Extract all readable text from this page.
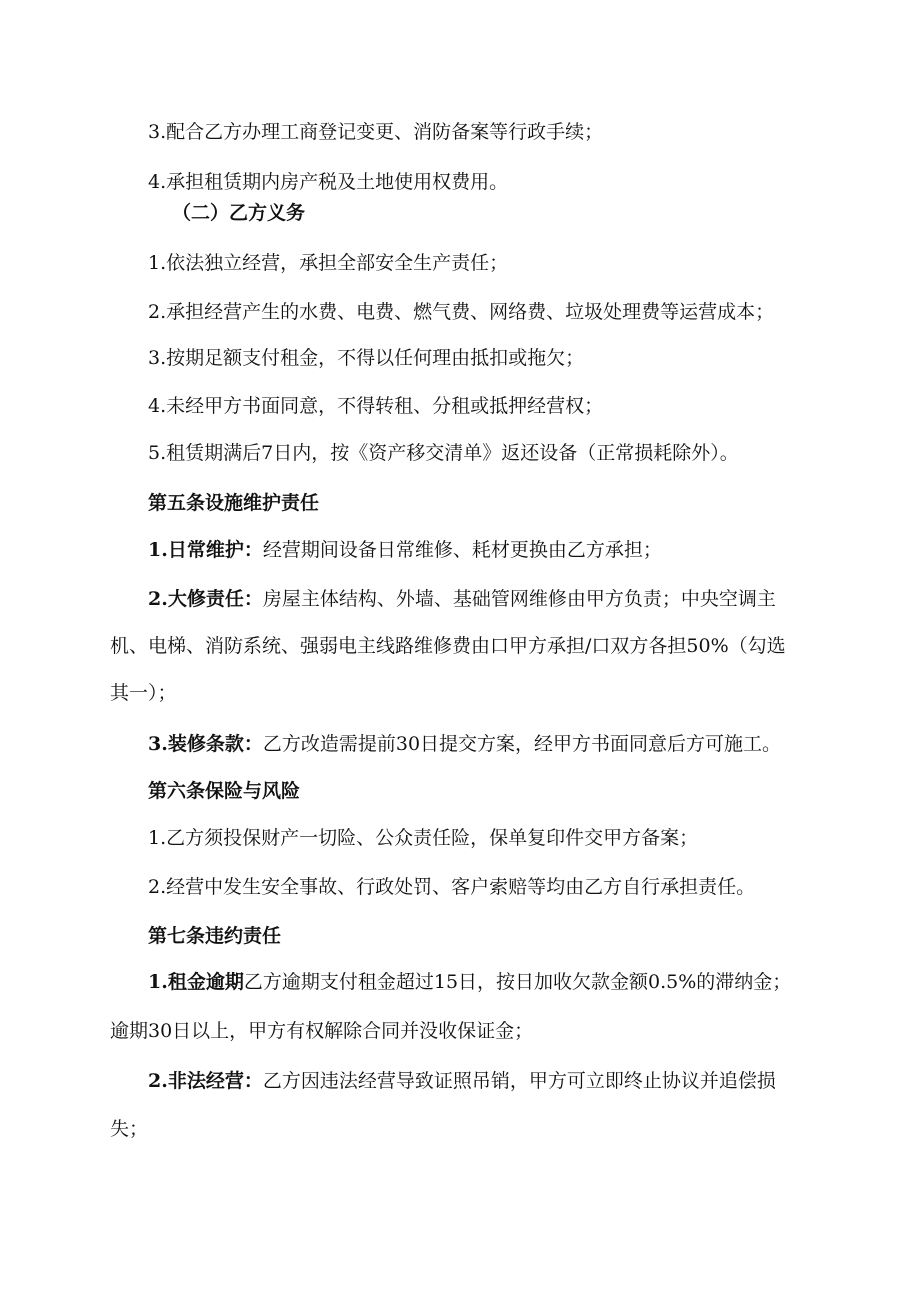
3.配合乙方办理工商登记变更、消防备案等行政手续；
4.承担租赁期内房产税及土地使用权费用。
（二）乙方义务
1.依法独立经营，承担全部安全生产责任；
2.承担经营产生的水费、电费、燃气费、网络费、垃圾处理费等运营成本；
3.按期足额支付租金，不得以任何理由抵扣或拖欠；
4.未经甲方书面同意，不得转租、分租或抵押经营权；
5.租赁期满后7日内，按《资产移交清单》返还设备（正常损耗除外）。
第五条设施维护责任
1.日常维护：经营期间设备日常维修、耗材更换由乙方承担；
2.大修责任：房屋主体结构、外墙、基础管网维修由甲方负责；中央空调主
机、电梯、消防系统、强弱电主线路维修费由口甲方承担/口双方各担50%（勾选
其一）；
3.装修条款：乙方改造需提前30日提交方案，经甲方书面同意后方可施工。
第六条保险与风险
1.乙方须投保财产一切险、公众责任险，保单复印件交甲方备案；
2.经营中发生安全事故、行政处罚、客户索赔等均由乙方自行承担责任。
第七条违约责任
1.租金逾期乙方逾期支付租金超过15日，按日加收欠款金额0.5%的滞纳金；
逾期30日以上，甲方有权解除合同并没收保证金；
2.非法经营：乙方因违法经营导致证照吊销，甲方可立即终止协议并追偿损
失；
